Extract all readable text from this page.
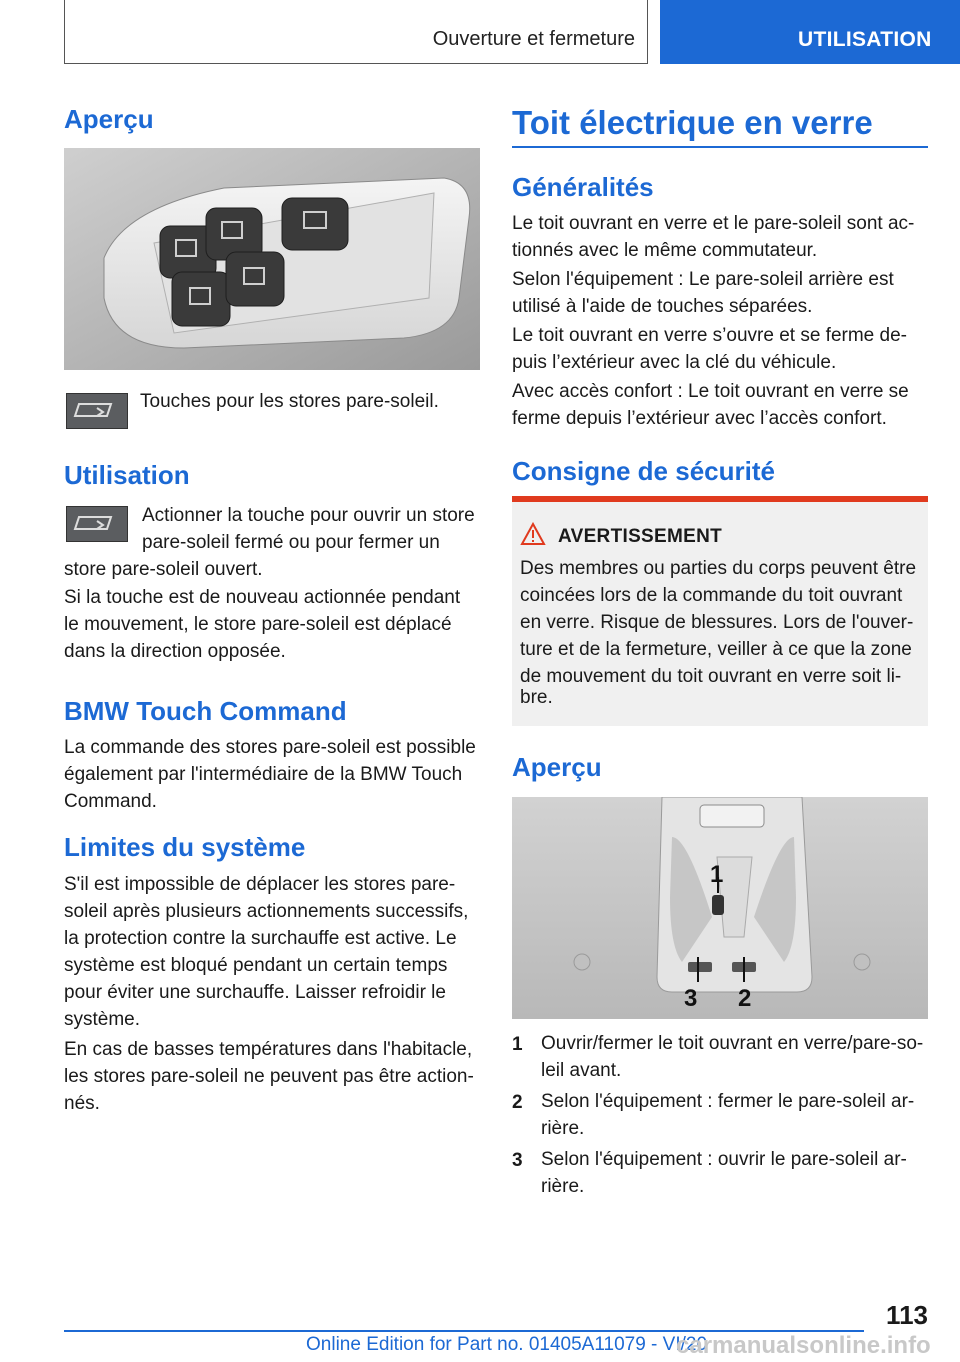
Ouverture et fermeture	UTILISATION
Aperçu

Touches pour les stores pare-soleil.

Utilisation

Actionner la touche pour ouvrir un store

pare-soleil fermé ou pour fermer un

store pare-soleil ouvert.

Si la touche est de nouveau actionnée pendant

le mouvement, le store pare-soleil est déplacé

dans la direction opposée.

BMW Touch Command

La commande des stores pare-soleil est possible

également par l'intermédiaire de la BMW Touch

Command.

Limites du système

S'il est impossible de déplacer les stores pare-

soleil après plusieurs actionnements successifs,

la protection contre la surchauffe est active. Le

système est bloqué pendant un certain temps

pour éviter une surchauffe. Laisser refroidir le

système.

En cas de basses températures dans l'habitacle,

les stores pare-soleil ne peuvent pas être action-

nés.

Toit électrique en verre
Généralités

Le toit ouvrant en verre et le pare-soleil sont ac-

tionnés avec le même commutateur.

Selon l'équipement : Le pare-soleil arrière est

utilisé à l'aide de touches séparées.

Le toit ouvrant en verre s’ouvre et se ferme de-

puis l’extérieur avec la clé du véhicule.

Avec accès confort : Le toit ouvrant en verre se

ferme depuis l’extérieur avec l’accès confort.

Consigne de sécurité
AVERTISSEMENT

Des membres ou parties du corps peuvent être

coincées lors de la commande du toit ouvrant

en verre. Risque de blessures. Lors de l'ouver-

ture et de la fermeture, veiller à ce que la zone

de mouvement du toit ouvrant en verre soit li-

bre.

Aperçu
1
3 2
1 Ouvrir/fermer le toit ouvrant en verre/pare-so-

leil avant.

2 Selon l'équipement : fermer le pare-soleil ar-

rière.

3 Selon l'équipement : ouvrir le pare-soleil ar-

rière.

113
Online Edition for Part no. 01405A11079 - VI/20
carmanualsonline.info
